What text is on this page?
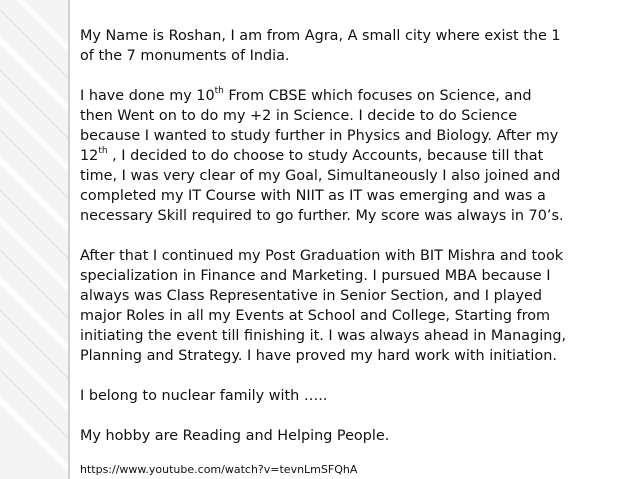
My Name is Roshan, I am from Agra, A small city where exist the 1
of the 7 monuments of India.
I have done my 10th From CBSE which focuses on Science, and
then Went on to do my +2 in Science. I decide to do Science
because I wanted to study further in Physics and Biology. After my
12th , I decided to do choose to study Accounts, because till that
time, I was very clear of my Goal, Simultaneously I also joined and
completed my IT Course with NIIT as IT was emerging and was a
necessary Skill required to go further. My score was always in 70’s.
After that I continued my Post Graduation with BIT Mishra and took
specialization in Finance and Marketing. I pursued MBA because I
always was Class Representative in Senior Section, and I played
major Roles in all my Events at School and College, Starting from
initiating the event till finishing it. I was always ahead in Managing,
Planning and Strategy. I have proved my hard work with initiation.
I belong to nuclear family with …..
My hobby are Reading and Helping People.
https://www.youtube.com/watch?v=tevnLmSFQhA
